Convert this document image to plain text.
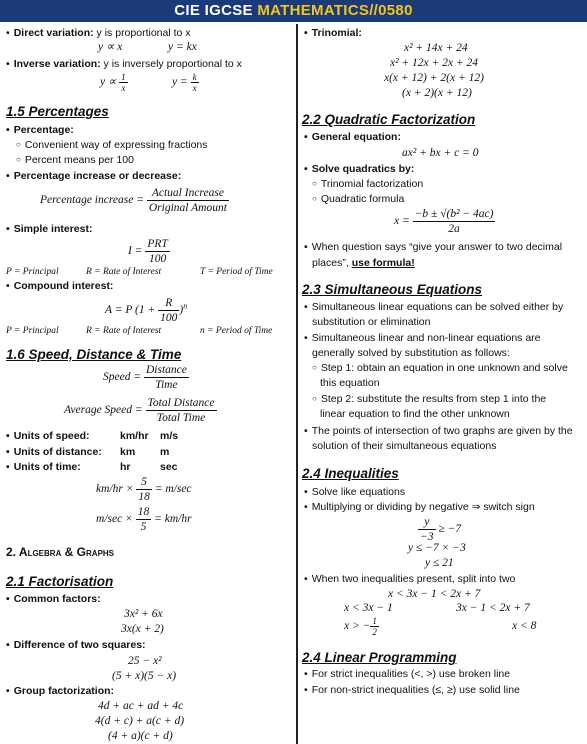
CIE IGCSE MATHEMATICS//0580
• Direct variation: y is proportional to x
y ∝ x	y = kx
• Inverse variation: y is inversely proportional to x
$y \propto \frac{1}{x}$	$y = \frac{k}{x}$
1.5 Percentages
• Percentage:
○ Convenient way of expressing fractions
○ Percent means per 100
• Percentage increase or decrease:
Percentage increase = $\frac{\text{Actual Increase}}{\text{Original Amount}}$
• Simple interest:
$I = \frac{\text{PRT}}{100}$
P = Principal	R = Rate of Interest	T = Period of Time
• Compound interest:
A = P $(1 + \frac{R}{100} )^n$
P = Principal	R = Rate of Interest	n = Period of Time
1.6 Speed, Distance & Time
Speed = $\frac{\text{Distance}}{\text{Time}}$
Average Speed = $\frac{\text{Total Distance}}{\text{Total Time}}$
• Units of speed:	km/hr m/s
• Units of distance: km m
• Units of time:	hr	sec
$km/hr \times \frac{5}{18} = m/\sec$
$m/\sec \times \frac{18}{5} = km/hr$
2. Algebra & Graphs
2.1 Factorisation
• Common factors:
3x² + 6x
3x(x + 2)
• Difference of two squares:
25 − x²
(5 + x)(5 − x)
• Group factorization:
4d + ac + ad + 4c
4(d + c) + a(c + d)
(4 + a)(c + d)
• Trinomial:
x² + 14x + 24
x² + 12x + 2x + 24
x(x + 12) + 2(x + 12)
(x + 2)(x + 12)
2.2 Quadratic Factorization
• General equation:
ax² + bx + c = 0
• Solve quadratics by:
○ Trinomial factorization
○ Quadratic formula
$x = \frac{\text{−b ± √(b² − 4ac)}}{2a}$
• When question says “give your answer to two decimal
places”, use formula!
2.3 Simultaneous Equations
• Simultaneous linear equations can be solved either by
substitution or elimination
• Simultaneous linear and non-linear equations are
generally solved by substitution as follows:
○ Step 1: obtain an equation in one unknown and solve
this equation
○ Step 2: substitute the results from step 1 into the
linear equation to find the other unknown
• The points of intersection of two graphs are given by the
solution of their simultaneous equations
2.4 Inequalities
• Solve like equations
• Multiplying or dividing by negative ⇒ switch sign
$\frac{y}{-3} \ge -7$
y ≤ −7 × −3
y ≤ 21
• When two inequalities present, split into two
x < 3x − 1 < 2x + 7
x < 3x − 1	3x − 1 < 2x + 7
x > − $\frac{1}{2}$	x < 8
2.4 Linear Programming
• For strict inequalities (<, >) use broken line
• For non-strict inequalities (≤, ≥) use solid line
